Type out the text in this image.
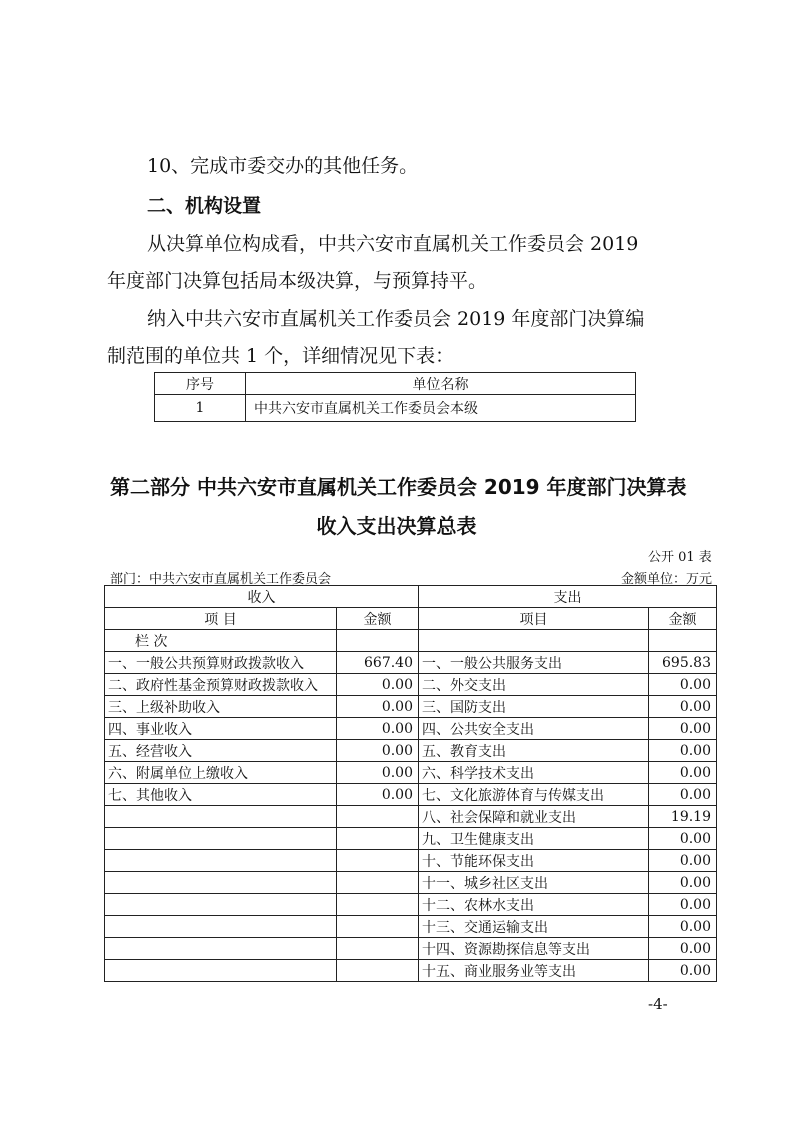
10、完成市委交办的其他任务。
二、机构设置
从决算单位构成看，中共六安市直属机关工作委员会 2019
年度部门决算包括局本级决算，与预算持平。
纳入中共六安市直属机关工作委员会 2019 年度部门决算编
制范围的单位共 1 个，详细情况见下表：
序号	单位名称
1	中共六安市直属机关工作委员会本级
第二部分 中共六安市直属机关工作委员会 2019 年度部门决算表
收入支出决算总表
公开 01 表
部门：中共六安市直属机关工作委员会	金额单位：万元
收入		支出	
项 目	金额	项目	金额
栏 次			
一、一般公共预算财政拨款收入	667.40	一、一般公共服务支出	695.83
二、政府性基金预算财政拨款收入	0.00	二、外交支出	0.00
三、上级补助收入	0.00	三、国防支出	0.00
四、事业收入	0.00	四、公共安全支出	0.00
五、经营收入	0.00	五、教育支出	0.00
六、附属单位上缴收入	0.00	六、科学技术支出	0.00
七、其他收入	0.00	七、文化旅游体育与传媒支出	0.00
		八、社会保障和就业支出	19.19
		九、卫生健康支出	0.00
		十、节能环保支出	0.00
		十一、城乡社区支出	0.00
		十二、农林水支出	0.00
		十三、交通运输支出	0.00
		十四、资源勘探信息等支出	0.00
		十五、商业服务业等支出	0.00
-4-
